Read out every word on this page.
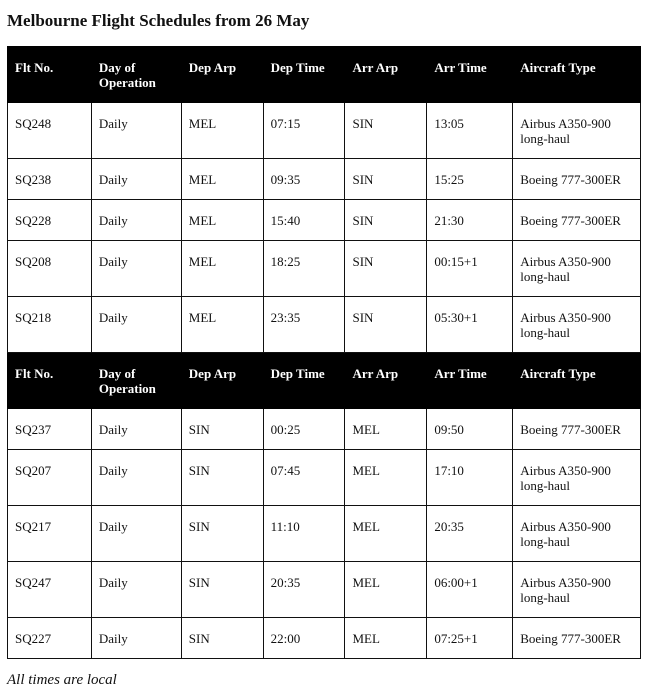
Melbourne Flight Schedules from 26 May
Flt No.	Day of Operation	Dep Arp	Dep Time	Arr Arp	Arr Time	Aircraft Type
SQ248	Daily	MEL	07:15	SIN	13:05	Airbus A350-900 long-haul
SQ238	Daily	MEL	09:35	SIN	15:25	Boeing 777-300ER
SQ228	Daily	MEL	15:40	SIN	21:30	Boeing 777-300ER
SQ208	Daily	MEL	18:25	SIN	00:15+1	Airbus A350-900 long-haul
SQ218	Daily	MEL	23:35	SIN	05:30+1	Airbus A350-900 long-haul
Flt No.	Day of Operation	Dep Arp	Dep Time	Arr Arp	Arr Time	Aircraft Type
SQ237	Daily	SIN	00:25	MEL	09:50	Boeing 777-300ER
SQ207	Daily	SIN	07:45	MEL	17:10	Airbus A350-900 long-haul
SQ217	Daily	SIN	11:10	MEL	20:35	Airbus A350-900 long-haul
SQ247	Daily	SIN	20:35	MEL	06:00+1	Airbus A350-900 long-haul
SQ227	Daily	SIN	22:00	MEL	07:25+1	Boeing 777-300ER

All times are local
